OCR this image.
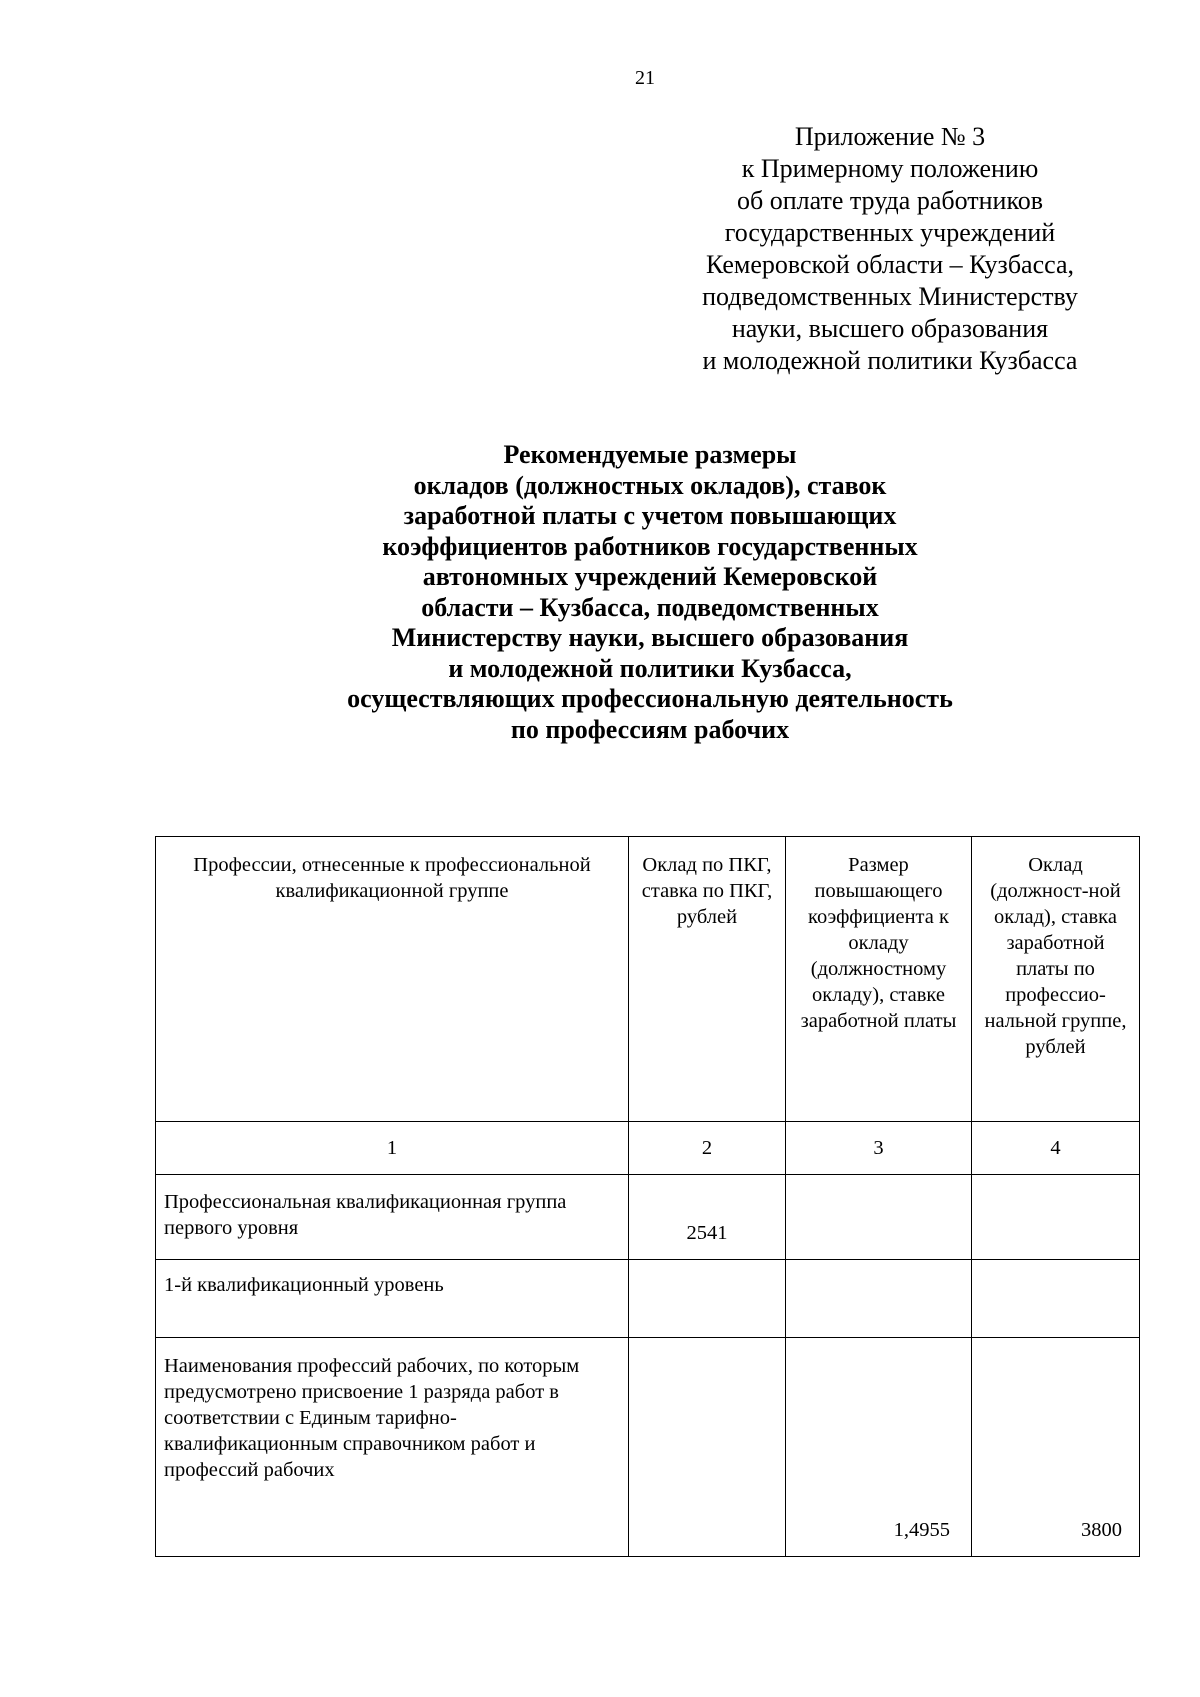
21
Приложение № 3
к Примерному положению
об оплате труда работников
государственных учреждений
Кемеровской области – Кузбасса,
подведомственных Министерству
науки, высшего образования
и молодежной политики Кузбасса
Рекомендуемые размеры
окладов (должностных окладов), ставок
заработной платы с учетом повышающих
коэффициентов работников государственных
автономных учреждений Кемеровской
области – Кузбасса, подведомственных
Министерству науки, высшего образования
и молодежной политики Кузбасса,
осуществляющих профессиональную деятельность
по профессиям рабочих
Профессии, отнесенные к профессиональной квалификационной группе	Оклад по ПКГ, ставка по ПКГ, рублей	Размер повышающего коэффициента к окладу (должностному окладу), ставке заработной платы	Оклад (должност-ной оклад), ставка заработной платы по профессио-нальной группе, рублей
1	2	3	4
Профессиональная квалификационная группа первого уровня	2541		
1-й квалификационный уровень			
Наименования профессий рабочих, по которым предусмотрено присвоение 1 разряда работ в соответствии с Единым тарифно-квалификационным справочником работ и профессий рабочих		1,4955	3800
